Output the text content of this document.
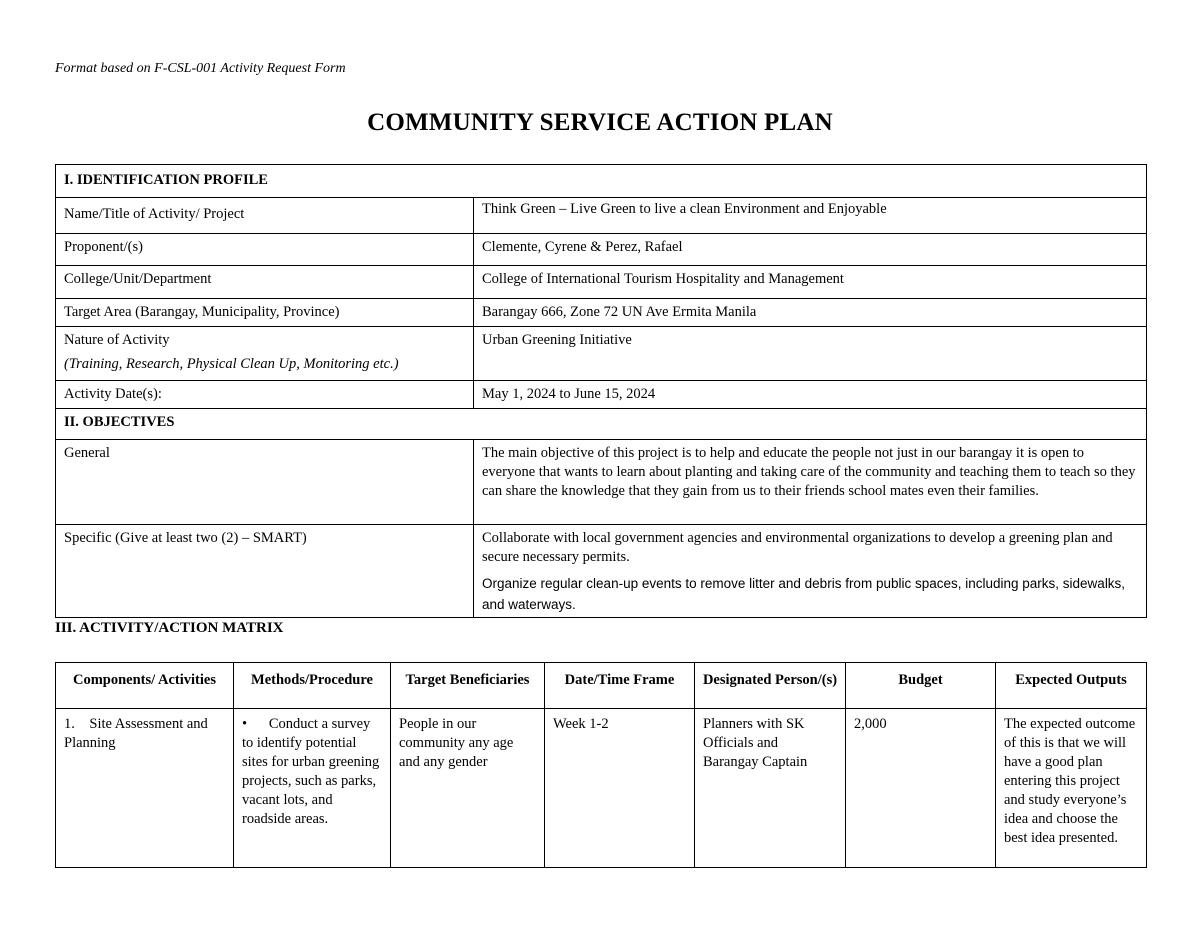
Format based on F-CSL-001 Activity Request Form
COMMUNITY SERVICE ACTION PLAN
I. IDENTIFICATION PROFILE	
Name/Title of Activity/ Project	Think Green – Live Green to live a clean Environment and Enjoyable
Proponent/(s)	Clemente, Cyrene & Perez, Rafael
College/Unit/Department	College of International Tourism Hospitality and Management
Target Area (Barangay, Municipality, Province)	Barangay 666, Zone 72 UN Ave Ermita Manila

Nature of Activity
(Training, Research, Physical Clean Up, Monitoring etc.)	Urban Greening Initiative
Activity Date(s):	May 1, 2024 to June 15, 2024
II. OBJECTIVES	
General	The main objective of this project is to help and educate the people not just in our barangay it is open to everyone that wants to learn about planting and taking care of the community and teaching them to teach so they can share the knowledge that they gain from us to their friends school mates even their families.
Specific (Give at least two (2) – SMART)	Collaborate with local government agencies and environmental organizations to develop a greening plan and secure necessary permits.
Organize regular clean-up events to remove litter and debris from public spaces, including parks, sidewalks, and waterways.
III. ACTIVITY/ACTION MATRIX
Components/ Activities	Methods/Procedure	Target Beneficiaries	Date/Time Frame	Designated Person/(s)	Budget	Expected Outputs
1.    Site Assessment and Planning	•      Conduct a survey to identify potential sites for urban greening projects, such as parks, vacant lots, and roadside areas.	People in our community any age and any gender	Week 1-2	Planners with SK Officials and Barangay Captain	2,000	The expected outcome of this is that we will have a good plan entering this project and study everyone’s idea and choose the best idea presented.
